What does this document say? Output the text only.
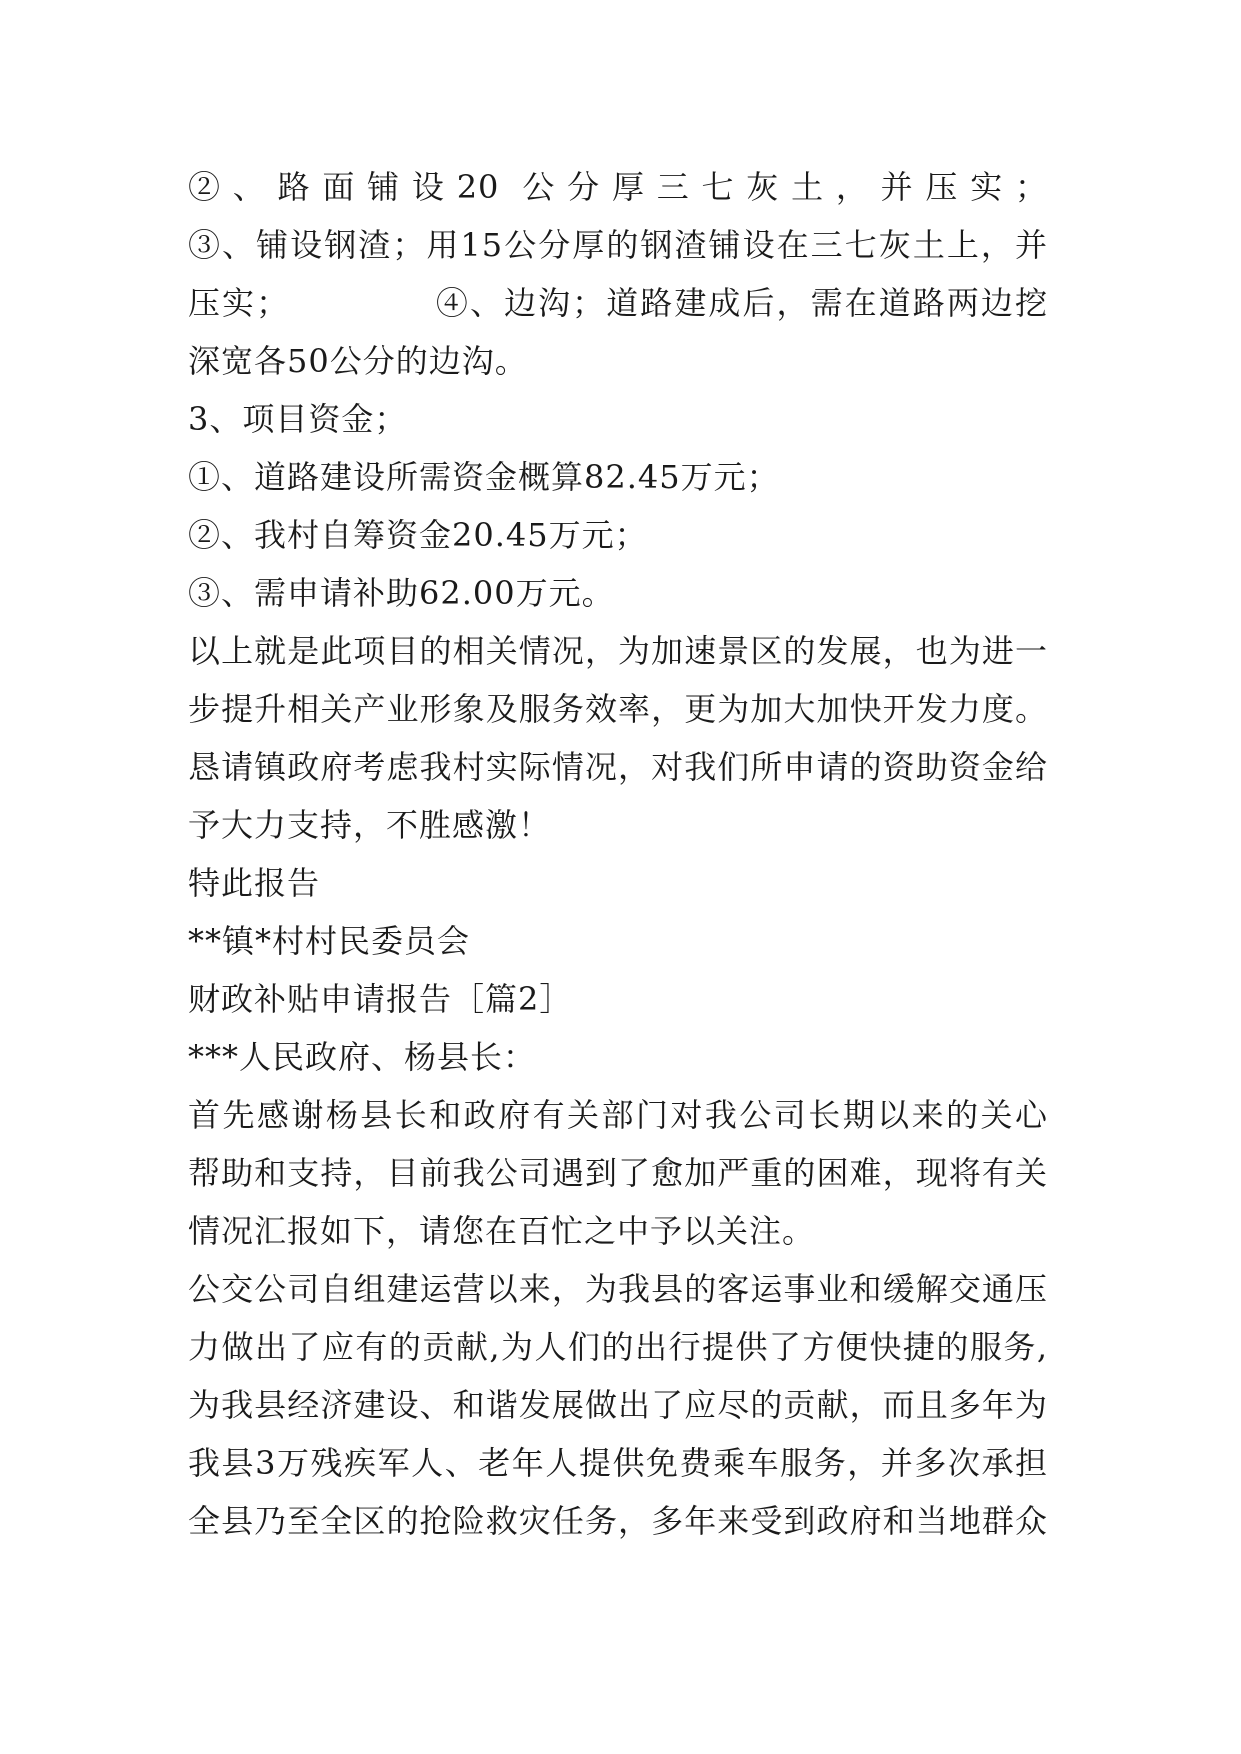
②、路面铺设20 公分厚三七灰土，并压实；
③、铺设钢渣；用15公分厚的钢渣铺设在三七灰土上，并
压实；            ④、边沟；道路建成后，需在道路两边挖
深宽各50公分的边沟。
3、项目资金；
①、道路建设所需资金概算82.45万元；
②、我村自筹资金20.45万元；
③、需申请补助62.00万元。
以上就是此项目的相关情况，为加速景区的发展，也为进一
步提升相关产业形象及服务效率，更为加大加快开发力度。
恳请镇政府考虑我村实际情况，对我们所申请的资助资金给
予大力支持，不胜感激！
特此报告
**镇*村村民委员会
财政补贴申请报告［篇2］
***人民政府、杨县长：
首先感谢杨县长和政府有关部门对我公司长期以来的关心
帮助和支持，目前我公司遇到了愈加严重的困难，现将有关
情况汇报如下，请您在百忙之中予以关注。
公交公司自组建运营以来，为我县的客运事业和缓解交通压
力做出了应有的贡献,为人们的出行提供了方便快捷的服务,
为我县经济建设、和谐发展做出了应尽的贡献，而且多年为
我县3万残疾军人、老年人提供免费乘车服务，并多次承担
全县乃至全区的抢险救灾任务，多年来受到政府和当地群众
